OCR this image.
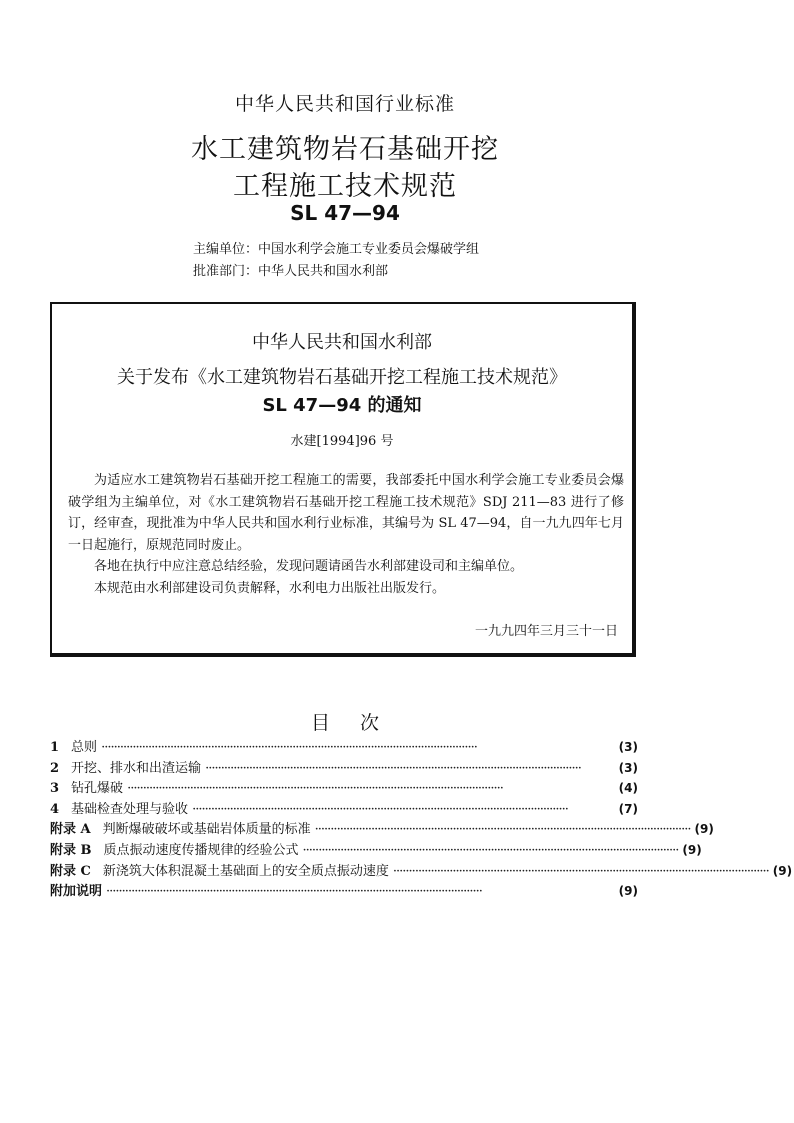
中华人民共和国行业标准
水工建筑物岩石基础开挖
工程施工技术规范
SL 47—94
主编单位：中国水利学会施工专业委员会爆破学组
批准部门：中华人民共和国水利部
中华人民共和国水利部
关于发布《水工建筑物岩石基础开挖工程施工技术规范》
SL 47—94 的通知
水建[1994]96 号

为适应水工建筑物岩石基础开挖工程施工的需要，我部委托中国水利学会施工专业委员会爆破学组为主编单位，对《水工建筑物岩石基础开挖工程施工技术规范》SDJ 211—83 进行了修订，经审查，现批准为中华人民共和国水利行业标准，其编号为 SL 47—94，自一九九四年七月一日起施行，原规范同时废止。

各地在执行中应注意总结经验，发现问题请函告水利部建设司和主编单位。

本规范由水利部建设司负责解释，水利电力出版社出版发行。

一九九四年三月三十一日
目次
1 总则 ························································································································	(3)
2 开挖、排水和出渣运输 ························································································································	(3)
3 钻孔爆破 ························································································································	(4)
4 基础检查处理与验收 ························································································································	(7)
附录 A 判断爆破破坏或基础岩体质量的标准 ························································································································ (9)
附录 B 质点振动速度传播规律的经验公式 ························································································································ (9)
附录 C 新浇筑大体积混凝土基础面上的安全质点振动速度 ························································································································ (9)
附加说明 ························································································································	(9)
